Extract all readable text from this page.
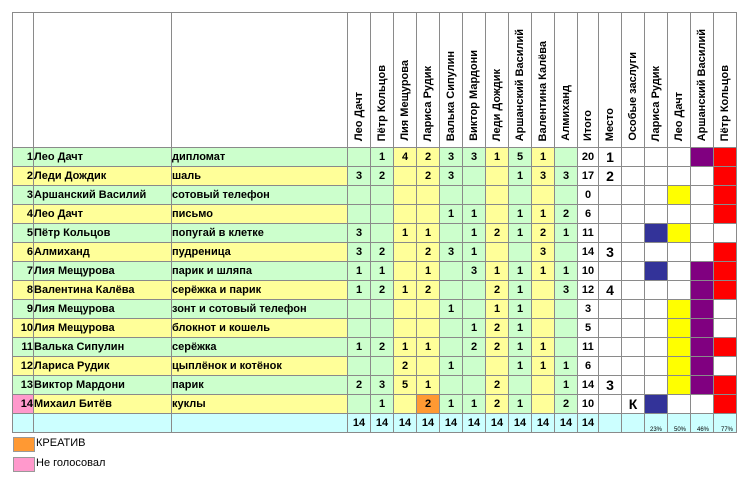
			Лео Дачт	Пётр Кольцов	Лия Мещурова	Лариса Рудик	Валька Сипулин	Виктор Мардони	Леди Дождик	Аршанский Василий	Валентина Калёва	Алмиханд	Итого	Место	Особые заслуги	Лариса Рудик	Лео Дачт	Аршанский Василий	Пётр Кольцов
1	Лео Дачт	дипломат		1	4	2	3	3	1	5	1		20	1					
2	Леди Дождик	шаль	3	2		2	3			1	3	3	17	2					
3	Аршанский Василий	сотовый телефон											0						
4	Лео Дачт	письмо					1	1		1	1	2	6						
5	Пётр Кольцов	попугай в клетке	3		1	1		1	2	1	2	1	11						
6	Алмиханд	пудреница	3	2		2	3	1			3		14	3					
7	Лия Мещурова	парик и шляпа	1	1		1		3	1	1	1	1	10						
8	Валентина Калёва	серёжка и парик	1	2	1	2			2	1		3	12	4					
9	Лия Мещурова	зонт и сотовый телефон					1		1	1			3						
10	Лия Мещурова	блокнот и кошель						1	2	1			5						
11	Валька Сипулин	серёжка	1	2	1	1		2	2	1	1		11						
12	Лариса Рудик	цыплёнок и котёнок			2		1			1	1	1	6						
13	Виктор Мардони	парик	2	3	5	1			2			1	14	3					
14	Михаил Битёв	куклы		1		2	1	1	2	1		2	10		К				
			14	14	14	14	14	14	14	14	14	14	14						
23% 50% 46% 77%
КРЕАТИВ
Не голосовал
